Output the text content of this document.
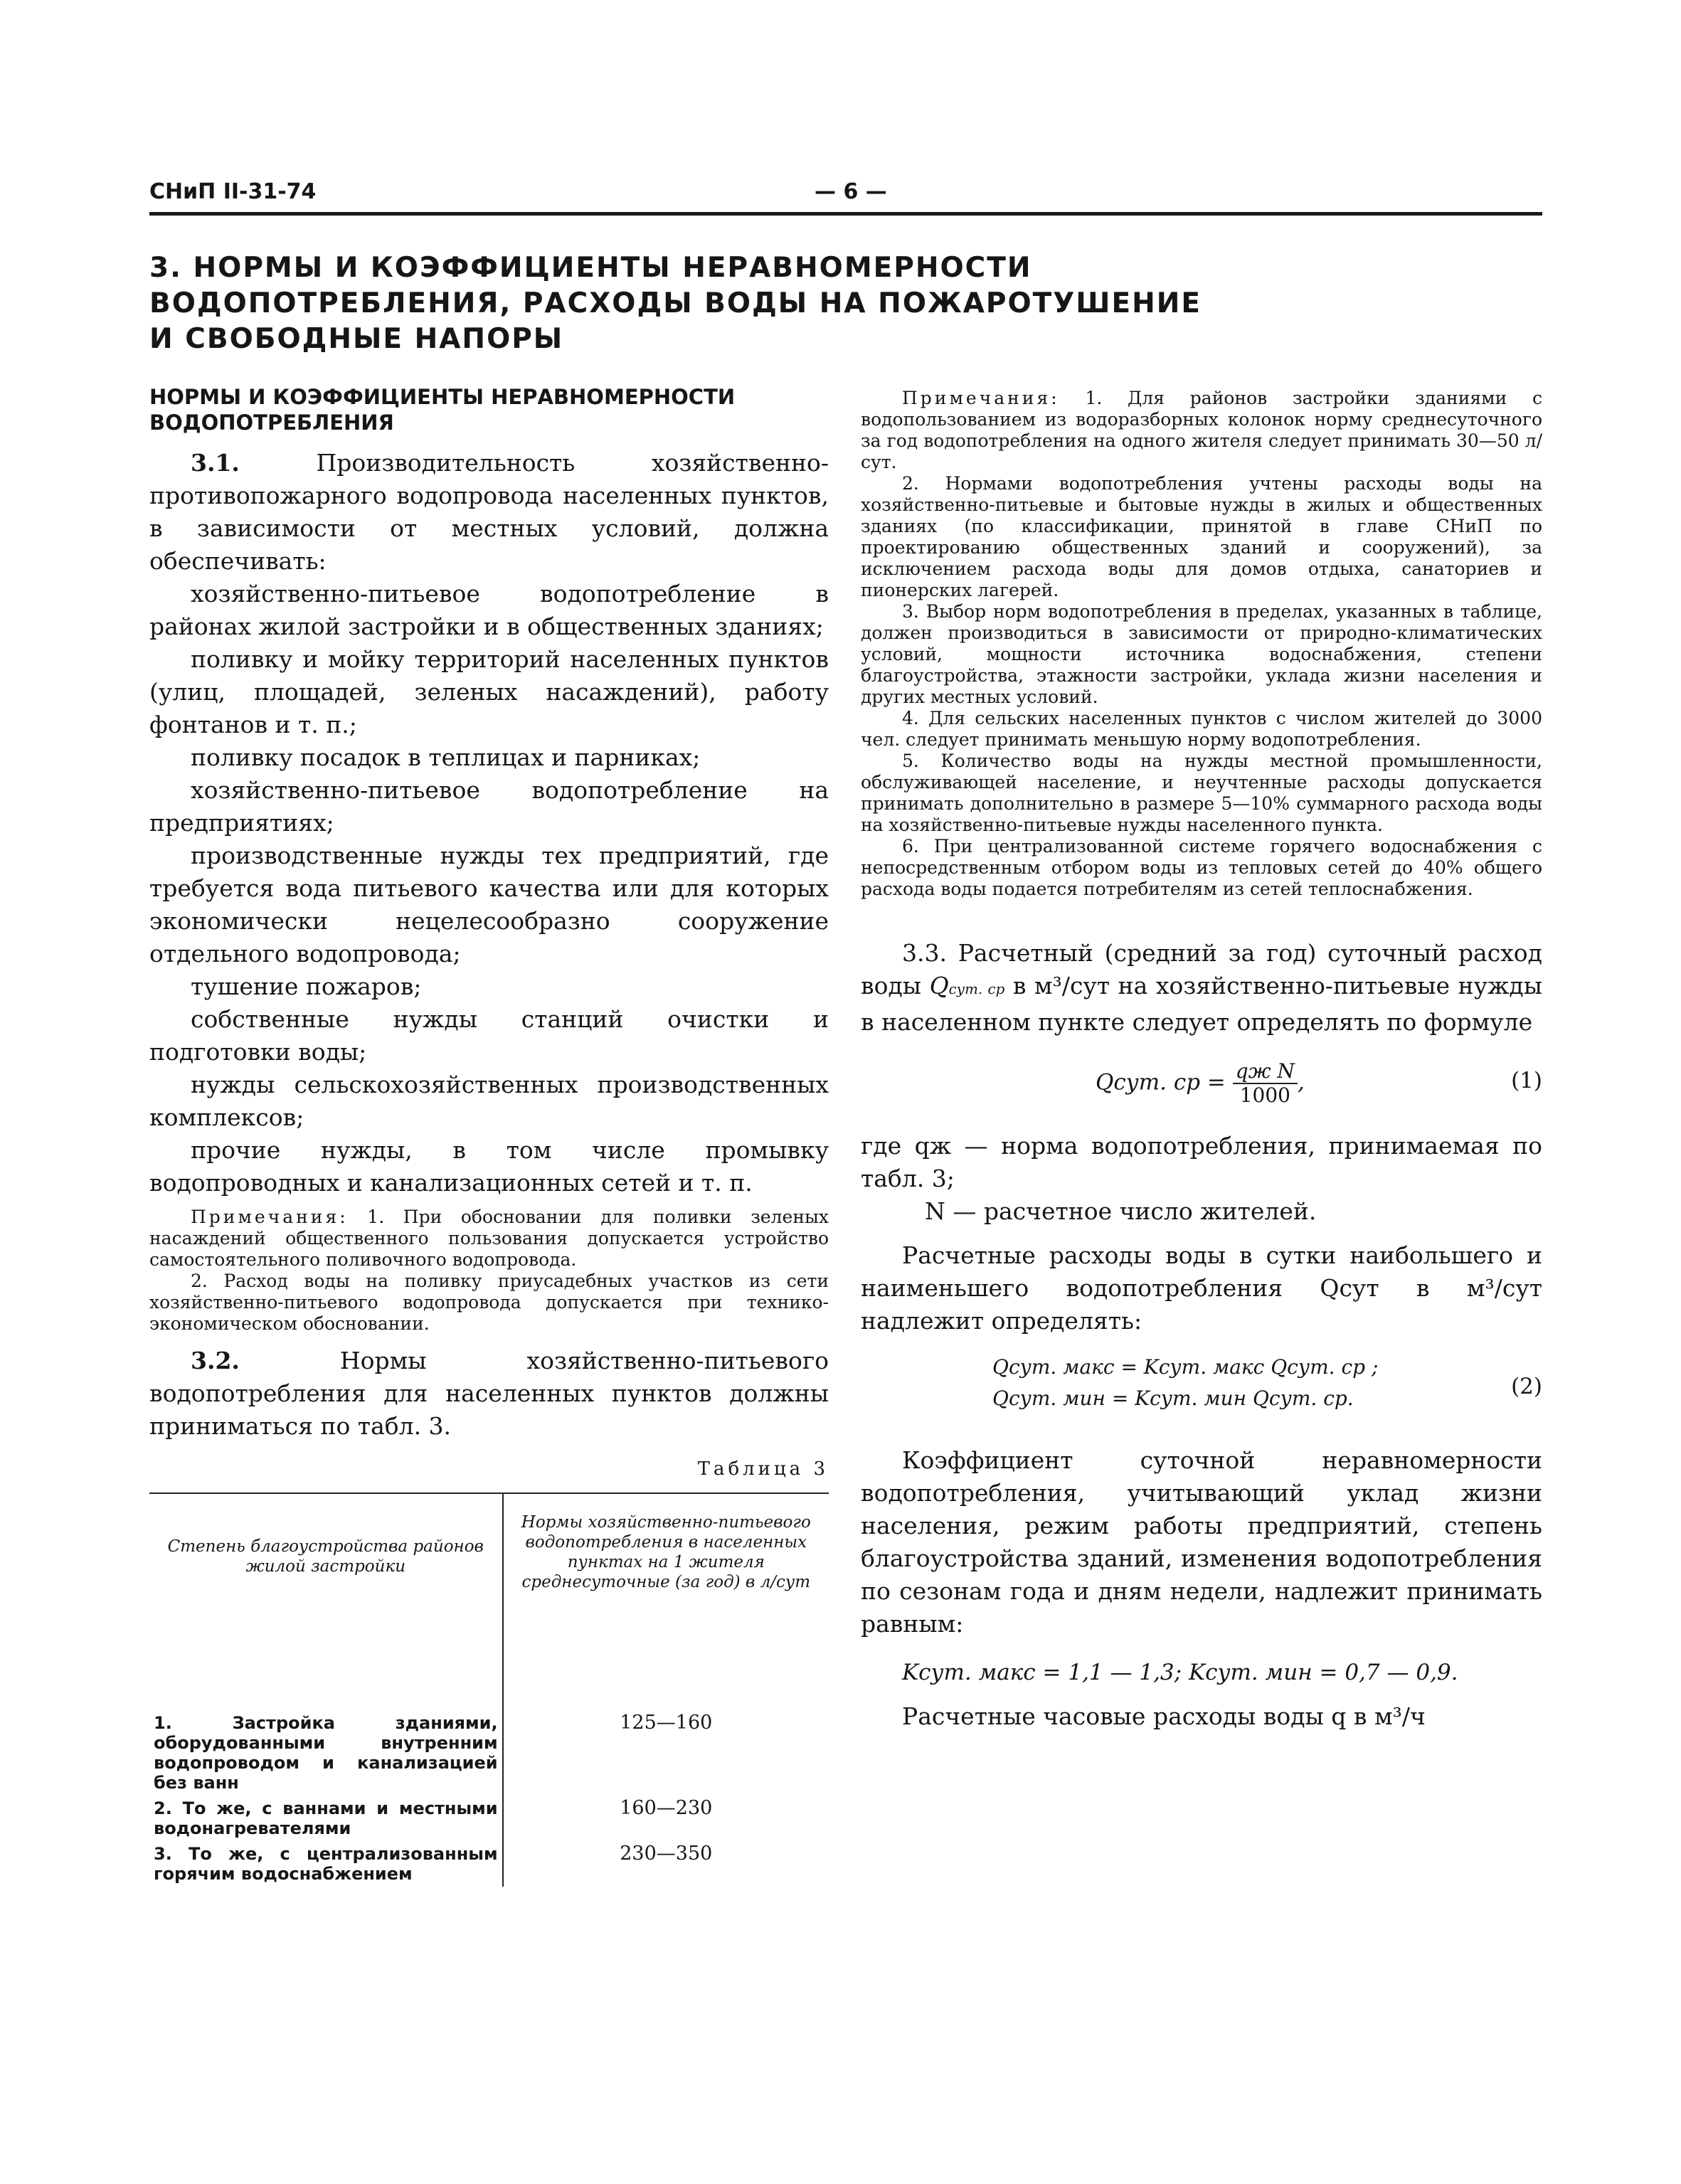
СНиП II-31-74	— 6 —
3. НОРМЫ И КОЭФФИЦИЕНТЫ НЕРАВНОМЕРНОСТИ
ВОДОПОТРЕБЛЕНИЯ, РАСХОДЫ ВОДЫ НА ПОЖАРОТУШЕНИЕ
И СВОБОДНЫЕ НАПОРЫ
НОРМЫ И КОЭФФИЦИЕНТЫ НЕРАВНОМЕРНОСТИ ВОДОПОТРЕБЛЕНИЯ

3.1.	Производительность хозяйственно-противопожарного водопровода населенных пунктов, в зависимости от местных условий, должна обеспечивать:

хозяйственно-питьевое водопотребление в районах жилой застройки и в общественных зданиях;

поливку и мойку территорий населенных пунктов (улиц, площадей, зеленых насаждений), работу фонтанов и т. п.;

поливку посадок в теплицах и парниках;

хозяйственно-питьевое водопотребление на предприятиях;

производственные нужды тех предприятий, где требуется вода питьевого качества или для которых экономически нецелесообразно сооружение отдельного водопровода;

тушение пожаров;

собственные нужды станций очистки и подготовки воды;

нужды сельскохозяйственных производственных комплексов;

прочие нужды, в том числе промывку водопроводных и канализационных сетей и т. п.

Примечания: 1. При обосновании для поливки зеленых насаждений общественного пользования допускается устройство самостоятельного поливочного водопровода.

2. Расход воды на поливку приусадебных участков из сети хозяйственно-питьевого водопровода допускается при технико-экономическом обосновании.

3.2.	Нормы хозяйственно-питьевого водопотребления для населенных пунктов должны приниматься по табл. 3.

Таблица 3
Степень благоустройства районов жилой застройки	Нормы хозяйственно-питьевого водопотребления в населенных пунктах на 1 жителя среднесуточные (за год) в л/сут
1. Застройка зданиями, оборудованными внутренним водопроводом и канализацией без ванн	125—160
2. То же, с ваннами и местными водонагревателями	160—230
3. То же, с централизованным горячим водоснабжением	230—350

Примечания: 1. Для районов застройки зданиями с водопользованием из водоразборных колонок норму среднесуточного за год водопотребления на одного жителя следует принимать 30—50 л/сут.

2. Нормами водопотребления учтены расходы воды на хозяйственно-питьевые и бытовые нужды в жилых и общественных зданиях (по классификации, принятой в главе СНиП по проектированию общественных зданий и сооружений), за исключением расхода воды для домов отдыха, санаториев и пионерских лагерей.

3. Выбор норм водопотребления в пределах, указанных в таблице, должен производиться в зависимости от природно-климатических условий, мощности источника водоснабжения, степени благоустройства, этажности застройки, уклада жизни населения и других местных условий.

4. Для сельских населенных пунктов с числом жителей до 3000 чел. следует принимать меньшую норму водопотребления.

5. Количество воды на нужды местной промышленности, обслуживающей население, и неучтенные расходы допускается принимать дополнительно в размере 5—10% суммарного расхода воды на хозяйственно-питьевые нужды населенного пункта.

6. При централизованной системе горячего водоснабжения с непосредственным отбором воды из тепловых сетей до 40% общего расхода воды подается потребителям из сетей теплоснабжения.

3.3. Расчетный (средний за год) суточный расход воды Qсут. ср в м³/сут на хозяйственно-питьевые нужды в населенном пункте следует определять по формуле

Qсут. ср = $\frac{\text{qж N}}{1000}$ ,	(1)

где qж — норма водопотребления, принимаемая по табл. 3;

N — расчетное число жителей.

Расчетные расходы воды в сутки наибольшего и наименьшего водопотребления Qсут в м³/сут надлежит определять:

Qсут. макс = Kсут. макс Qсут. ср ;
Qсут. мин = Kсут. мин Qсут. ср.	(2)

Коэффициент суточной неравномерности водопотребления, учитывающий уклад жизни населения, режим работы предприятий, степень благоустройства зданий, изменения водопотребления по сезонам года и дням недели, надлежит принимать равным:

Kсут. макс = 1,1 — 1,3; Kсут. мин = 0,7 — 0,9.

Расчетные часовые расходы воды q в м³/ч
